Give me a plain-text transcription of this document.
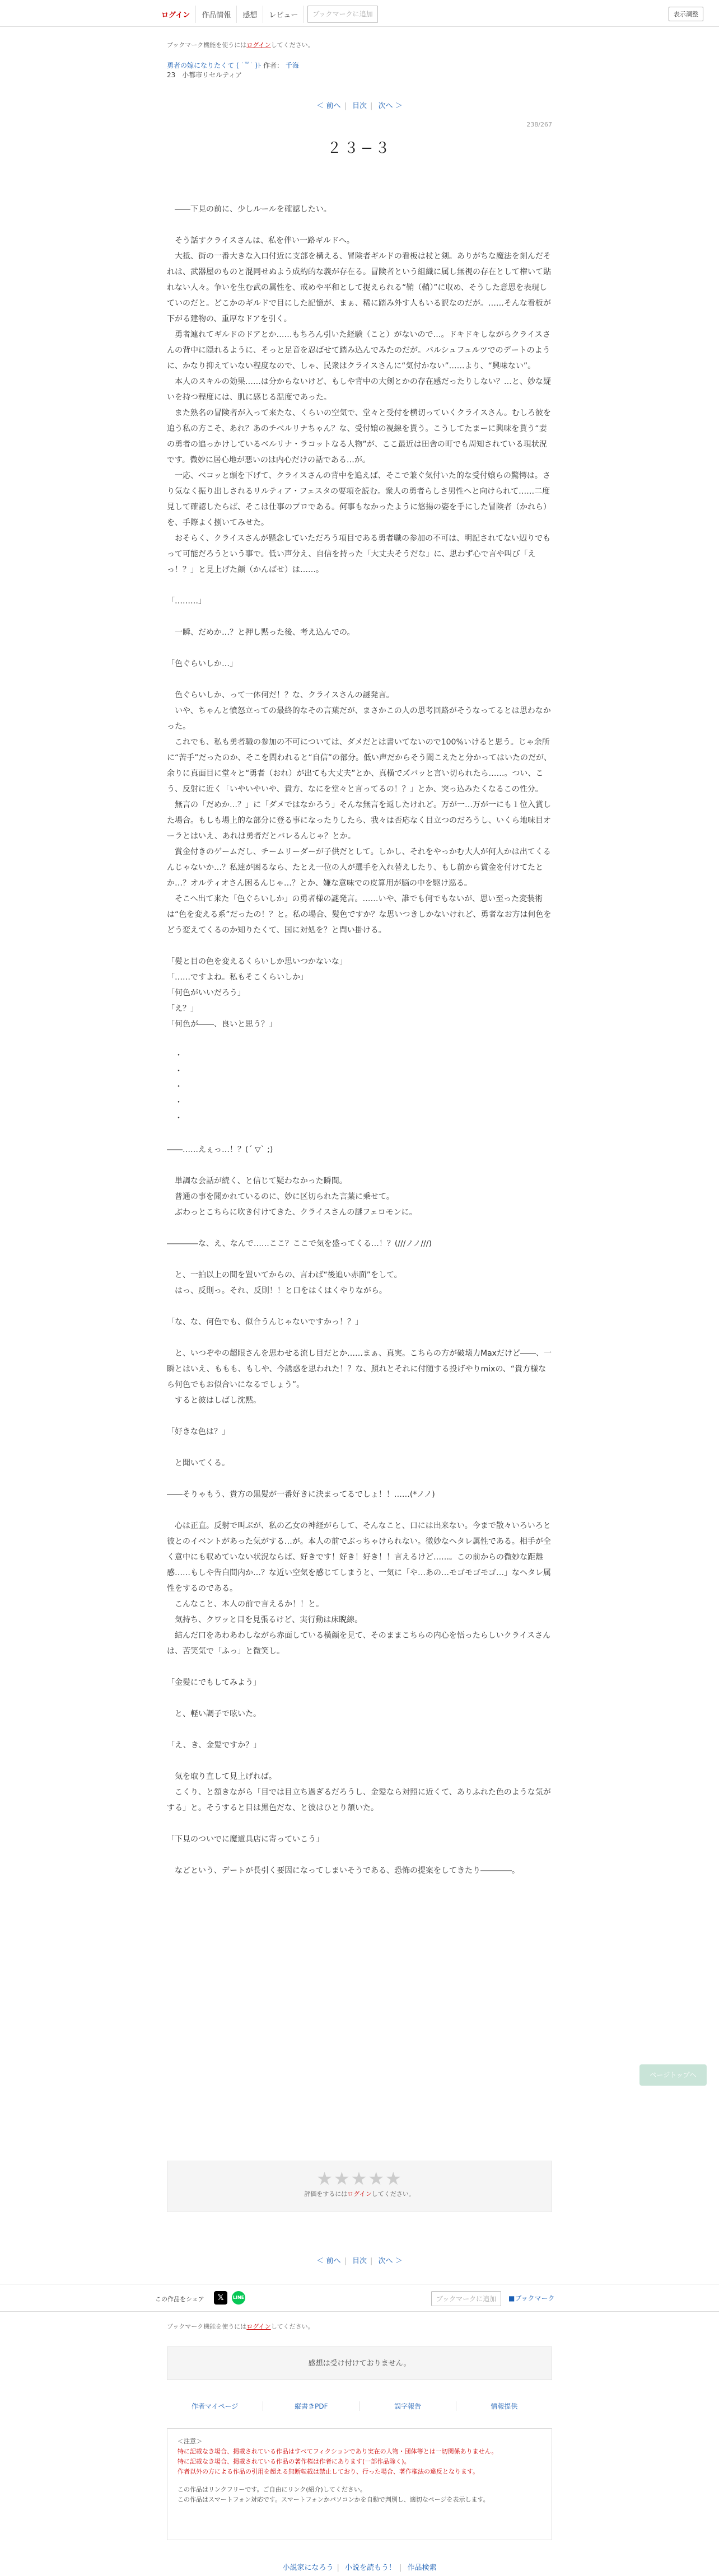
ログイン	作品情報	感想	レビュー	ブックマークに追加	表示調整

ブックマーク機能を使うにはログインしてください。

勇者の嫁になりたくて ( ˙꒳˙ )ﾄ 作者： 千海

23　小都市リセルティア

＜ 前へ | 目次 | 次へ ＞

238/267

２３−３

　――下見の前に、少しルールを確認したい。

　そう話すクライスさんは、私を伴い一路ギルドへ。

　大抵、街の一番大きな入口付近に支部を構える、冒険者ギルドの看板は杖と剣。ありがちな魔法を刻んだそれは、武器屋のものと混同せぬよう成約的な義が存在る。冒険者という組織に属し無視の存在として権いて貼れない人々。争いを生む武の属性を、戒めや平和として捉えられる“鞘（鞘）”に収め、そうした意思を表現していのだと。どこかのギルドで目にした記憶が、まぁ、稀に踏み外す人もいる訳なのだが。……そんな看板が下がる建物の、重厚なドアを引く。

　勇者連れてギルドのドアとか……もちろん引いた経験（こと）がないので…。ドキドキしながらクライスさんの背中に隠れるように、そっと足音を忍ばせて踏み込んでみたのだが。バルシュフュルツでのデートのように、かなり抑えていない程度なので、しゃ、民衆はクライスさんに“気付かない”……より、“興味ない”。

　本人のスキルの効果……は分からないけど、もしや背中の大剣とかの存在感だったりしない？…と、妙な疑いを持つ程度には、肌に感じる温度であった。

　また熟名の冒険者が入って来たな、くらいの空気で、堂々と受付を横切っていくクライスさん。むしろ彼を追う私の方こそ、あれ？あのチベルリナちゃん？な、受付嬢の視線を貰う。こうしてたまーに興味を貰う“妻の勇者の追っかけしているベルリナ・ラコットなる人物”が、ここ最近は田舎の町でも周知されている現状況です。微妙に居心地が悪いのは内心だけの話である…が。

　一応、ベコッと頭を下げて、クライスさんの背中を追えば、そこで兼ぐ気付いた的な受付嬢らの驚愕は。さり気なく振り出しされるリルティア・フェスタの要項を読む。衆人の勇者らしさ男性へと向けられて……二度見して確認したらば、そこは仕事のプロである。何事もなかったように悠揚の姿を手にした冒険者（かれら）を、手際よく捌いてみせた。

　おそらく、クライスさんが懸念していただろう項目である勇者職の参加の不可は、明記されてない辺りでもって可能だろうという事で。低い声分え、自信を持った「大丈夫そうだな」に、思わず心で言や叫び「えっ！？」と見上げた顔（かんばせ）は……。

「………」

　一瞬、だめか…？と押し黙った後、考え込んでの。

「色ぐらいしか…」

　色ぐらいしか、って一体何だ！？な、クライスさんの謎発言。

　いや、ちゃんと憤怒立っての最終的なその言葉だが、まさかこの人の思考回路がそうなってるとは思わなかった。

　これでも、私も勇者職の参加の不可については、ダメだとは書いてないので100%いけると思う。じゃ余所に“苦手”だったのか、そこを問われると“自信”の部分。低い声だからそう聞こえたと分かってはいたのだが、余りに真面目に堂々と“勇者（おれ）が出ても大丈夫”とか、真横でズバッと言い切られたら……。つい、こう、反射に近く「いやいやいや、貴方、なにを堂々と言ってるの！？」とか、突っ込みたくなるこの性分。

　無言の「だめか…？」に「ダメではなかろう」そんな無言を返したけれど。万が一…万が一にも１位入賞した場合。もしも場上的な部分に登る事になったりしたら、我々は否応なく目立つのだろうし、いくら地味目オーラとはいえ、あれは勇者だとバレるんじゃ？とか。

　賞金付きのゲームだし、チームリーダーが子供だとして。しかし、それをやっかむ大人が何人かは出てくるんじゃないか…？私達が困るなら、たとえ一位の人が選手を入れ替えしたり、もし前から賞金を付けてたとか…？オルティオさん困るんじゃ…？とか、嫌な意味での皮算用が脳の中を駆け巡る。

　そこへ出て来た「色ぐらいしか」の勇者様の謎発言。……いや、誰でも何でもないが、思い至った変装術は“色を変える系”だったの！？と。私の場合、髪色ですか？な思いつきしかないけれど、勇者なお方は何色をどう変えてくるのか知りたくて、国に対処を？と問い掛ける。

「髪と目の色を変えるくらいしか思いつかないな」

「……ですよね。私もそこくらいしか」

「何色がいいだろう」

「え？」

「何色が――、良いと思う？」

　・

　・

　・

　・

　・

――……えぇっ…！？(´ ▽` ;)

　単調な会話が続く、と信じて疑わなかった瞬間。

　普通の事を聞かれているのに、妙に区切られた言葉に乗せて。

　ぶわっとこちらに吹き付けてきた、クライスさんの謎フェロモンに。

――――な、え、なんで……ここ？ここで気を盛ってくる…！？(///ノノ///)

　と、一拍以上の間を置いてからの、言わば“後追い赤面”をして。

　はっ、反則っ。それ、反則！！と口をはくはくやりながら。

「な、な、何色でも、似合うんじゃないですかっ！？」

　と、いつぞやの超眼さんを思わせる流し目だとか……まぁ、真実。こちらの方が破壊力Maxだけど――、一瞬とはいえ、ももも、もしや、今誘惑を思われた！？な、照れとそれに付随する投げやりmixの、“貴方様なら何色でもお似合いになるでしょう”。

　すると彼はしばし沈黙。

「好きな色は？」

　と聞いてくる。

――そりゃもう、貴方の黒髪が一番好きに決まってるでしょ！！……(*ノノ)

　心は正直。反射で叫ぶが、私の乙女の神経がらして、そんなこと、口には出来ない。今まで散々いろいろと彼とのイベントがあった気がする…が。本人の前でぶっちゃけられない。微妙なヘタレ属性である。相手が全く意中にも収めていない状況ならば、好きです！好き！好き！！言えるけど……。この前からの微妙な距離感……もしや告白間内か…？な近い空気を感じてしまうと、一気に「や…あの…モゴモゴモゴ…」なヘタレ属性をするのである。

　こんなこと、本人の前で言えるか！！と。

　気持ち、クワッと目を見張るけど、実行動は床睨線。

　結んだ口をあわあわしながら赤面している横顔を見て、そのままこちらの内心を悟ったらしいクライスさんは、苦笑気で「ふっ」と微笑し。

「金髪にでもしてみよう」

　と、軽い調子で呟いた。

「え、き、金髪ですか？」

　気を取り直して見上げれば。

　こくり、と頷きながら「目では目立ち過ぎるだろうし、金髪なら対照に近くて、ありふれた色のような気がする」と。そうすると目は黒色だな、と彼はひとり頷いた。

「下見のついでに魔道具店に寄っていこう」

　などという、デートが長引く要因になってしまいそうである、恐怖の提案をしてきたり――――。

★★★★★

評価をするにはログインしてください。

＜ 前へ | 目次 | 次へ ＞
この作品をシェア	𝕏	LINE	ブックマークに追加	■ブックマーク

ブックマーク機能を使うにはログインしてください。

感想は受け付けておりません。
作者マイページ	縦書きPDF	誤字報告	情報提供

＜注意＞

特に記載なき場合、掲載されている作品はすべてフィクションであり実在の人物・団体等とは一切関係ありません。

特に記載なき場合、掲載されている作品の著作権は作者にあります(一部作品除く)。

作者以外の方による作品の引用を超える無断転載は禁止しており、行った場合、著作権法の違反となります。

この作品はリンクフリーです。ご自由にリンク(紹介)してください。

この作品はスマートフォン対応です。スマートフォンかパソコンかを自動で判別し、適切なページを表示します。

小説家になろう | 小説を読もう！ | 作品検索
ページトップへ
